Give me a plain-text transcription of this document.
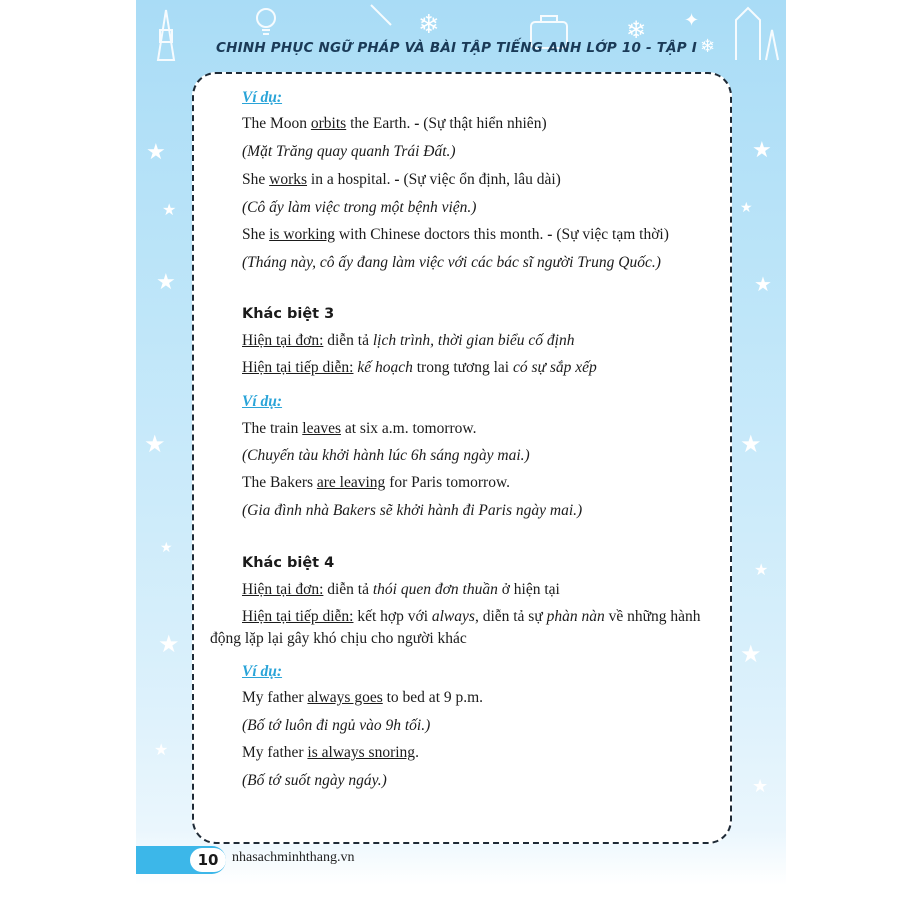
❄	❄
❄
✦
★
★
★
★
★
★
★
★
★
★
★
★
★
★
CHINH PHỤC NGỮ PHÁP VÀ BÀI TẬP TIẾNG ANH LỚP 10 - TẬP I
Ví dụ:
The Moon orbits the Earth. - (Sự thật hiển nhiên)
(Mặt Trăng quay quanh Trái Đất.)
She works in a hospital. - (Sự việc ổn định, lâu dài)
(Cô ấy làm việc trong một bệnh viện.)
She is working with Chinese doctors this month. - (Sự việc tạm thời)
(Tháng này, cô ấy đang làm việc với các bác sĩ người Trung Quốc.)
Khác biệt 3
Hiện tại đơn: diễn tả lịch trình, thời gian biểu cố định
Hiện tại tiếp diễn: kế hoạch trong tương lai có sự sắp xếp
Ví dụ:
The train leaves at six a.m. tomorrow.
(Chuyến tàu khởi hành lúc 6h sáng ngày mai.)
The Bakers are leaving for Paris tomorrow.
(Gia đình nhà Bakers sẽ khởi hành đi Paris ngày mai.)
Khác biệt 4
Hiện tại đơn: diễn tả thói quen đơn thuần ở hiện tại
Hiện tại tiếp diễn: kết hợp với always, diễn tả sự phàn nàn về những hành động lặp lại gây khó chịu cho người khác
Ví dụ:
My father always goes to bed at 9 p.m.
(Bố tớ luôn đi ngủ vào 9h tối.)
My father is always snoring.
(Bố tớ suốt ngày ngáy.)
10 nhasachminhthang.vn
